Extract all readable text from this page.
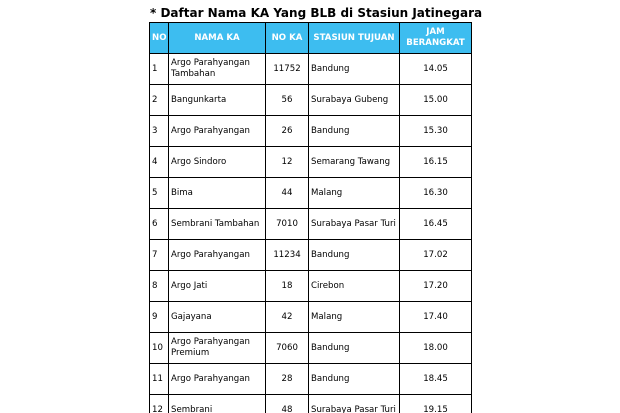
* Daftar Nama KA Yang BLB di Stasiun Jatinegara
NO	NAMA KA	NO KA	STASIUN TUJUAN	JAM BERANGKAT
1	Argo Parahyangan Tambahan	11752	Bandung	14.05
2	Bangunkarta	56	Surabaya Gubeng	15.00
3	Argo Parahyangan	26	Bandung	15.30
4	Argo Sindoro	12	Semarang Tawang	16.15
5	Bima	44	Malang	16.30
6	Sembrani Tambahan	7010	Surabaya Pasar Turi	16.45
7	Argo Parahyangan	11234	Bandung	17.02
8	Argo Jati	18	Cirebon	17.20
9	Gajayana	42	Malang	17.40
10	Argo Parahyangan Premium	7060	Bandung	18.00
11	Argo Parahyangan	28	Bandung	18.45
12	Sembrani	48	Surabaya Pasar Turi	19.15
